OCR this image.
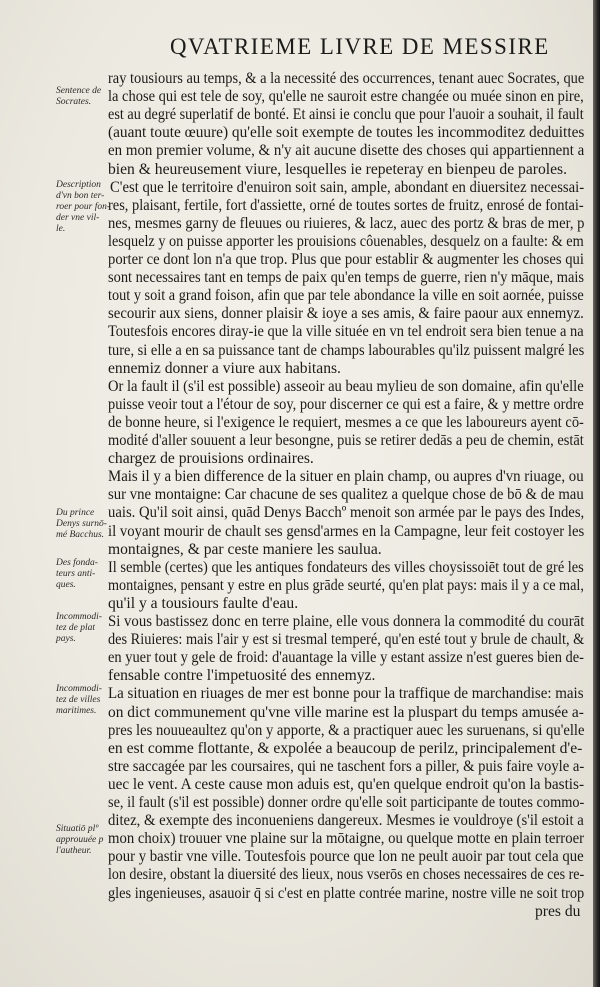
QVATRIEME LIVRE DE MESSIRE
Sentence de
Socrates.
Description
d'vn bon ter-
roer pour fon-
der vne vil-
le.
Du prince
Denys surnō-
mé Bacchus.
Des fonda-
teurs anti-
ques.
Incommodi-
tez de plat
pays.
Incommodi-
tez de villes
maritimes.
Situatiō plº
approuuée p
l'autheur.
ray tousiours au temps, & a la necessité des occurrences, tenant auec Socrates, que
la chose qui est tele de soy, qu'elle ne sauroit estre changée ou muée sinon en pire,
est au degré superlatif de bonté. Et ainsi ie conclu que pour l'auoir a souhait, il fault
(auant toute œuure) qu'elle soit exempte de toutes les incommoditez deduittes
en mon premier volume, & n'y ait aucune disette des choses qui appartiennent a
bien & heureusement viure, lesquelles ie repeteray en bienpeu de paroles.
C'est que le territoire d'enuiron soit sain, ample, abondant en diuersitez necessai-
res, plaisant, fertile, fort d'assiette, orné de toutes sortes de fruitz, enrosé de fontai-
nes, mesmes garny de fleuues ou riuieres, & lacz, auec des portz & bras de mer, p
lesquelz y on puisse apporter les prouisions côuenables, desquelz on a faulte: & em
porter ce dont lon n'a que trop. Plus que pour establir & augmenter les choses qui
sont necessaires tant en temps de paix qu'en temps de guerre, rien n'y māque, mais
tout y soit a grand foison, afin que par tele abondance la ville en soit aornée, puisse
secourir aux siens, donner plaisir & ioye a ses amis, & faire paour aux ennemyz.
Toutesfois encores diray-ie que la ville située en vn tel endroit sera bien tenue a na
ture, si elle a en sa puissance tant de champs labourables qu'ilz puissent malgré les
ennemiz donner a viure aux habitans.
Or la fault il (s'il est possible) asseoir au beau mylieu de son domaine, afin qu'elle
puisse veoir tout a l'étour de soy, pour discerner ce qui est a faire, & y mettre ordre
de bonne heure, si l'exigence le requiert, mesmes a ce que les laboureurs ayent cō-
modité d'aller souuent a leur besongne, puis se retirer dedās a peu de chemin, estāt
chargez de prouisions ordinaires.
Mais il y a bien difference de la situer en plain champ, ou aupres d'vn riuage, ou
sur vne montaigne: Car chacune de ses qualitez a quelque chose de bō & de mau
uais. Qu'il soit ainsi, quād Denys Bacchº menoit son armée par le pays des Indes,
il voyant mourir de chault ses gensd'armes en la Campagne, leur feit costoyer les
montaignes, & par ceste maniere les saulua.
Il semble (certes) que les antiques fondateurs des villes choysissoiēt tout de gré les
montaignes, pensant y estre en plus grāde seurté, qu'en plat pays: mais il y a ce mal,
qu'il y a tousiours faulte d'eau.
Si vous bastissez donc en terre plaine, elle vous donnera la commodité du courāt
des Riuieres: mais l'air y est si tresmal temperé, qu'en esté tout y brule de chault, &
en yuer tout y gele de froid: d'auantage la ville y estant assize n'est gueres bien de-
fensable contre l'impetuosité des ennemyz.
La situation en riuages de mer est bonne pour la traffique de marchandise: mais
on dict communement qu'vne ville marine est la pluspart du temps amusée a-
pres les nouueaultez qu'on y apporte, & a practiquer auec les suruenans, si qu'elle
en est comme flottante, & expolée a beaucoup de perilz, principalement d'e-
stre saccagée par les coursaires, qui ne taschent fors a piller, & puis faire voyle a-
uec le vent. A ceste cause mon aduis est, qu'en quelque endroit qu'on la bastis-
se, il fault (s'il est possible) donner ordre qu'elle soit participante de toutes commo-
ditez, & exempte des inconueniens dangereux. Mesmes ie vouldroye (s'il estoit a
mon choix) trouuer vne plaine sur la mōtaigne, ou quelque motte en plain terroer
pour y bastir vne ville. Toutesfois pource que lon ne peult auoir par tout cela que
lon desire, obstant la diuersité des lieux, nous vserōs en choses necessaires de ces re-
gles ingenieuses, asauoir q̄ si c'est en platte contrée marine, nostre ville ne soit trop
pres du
